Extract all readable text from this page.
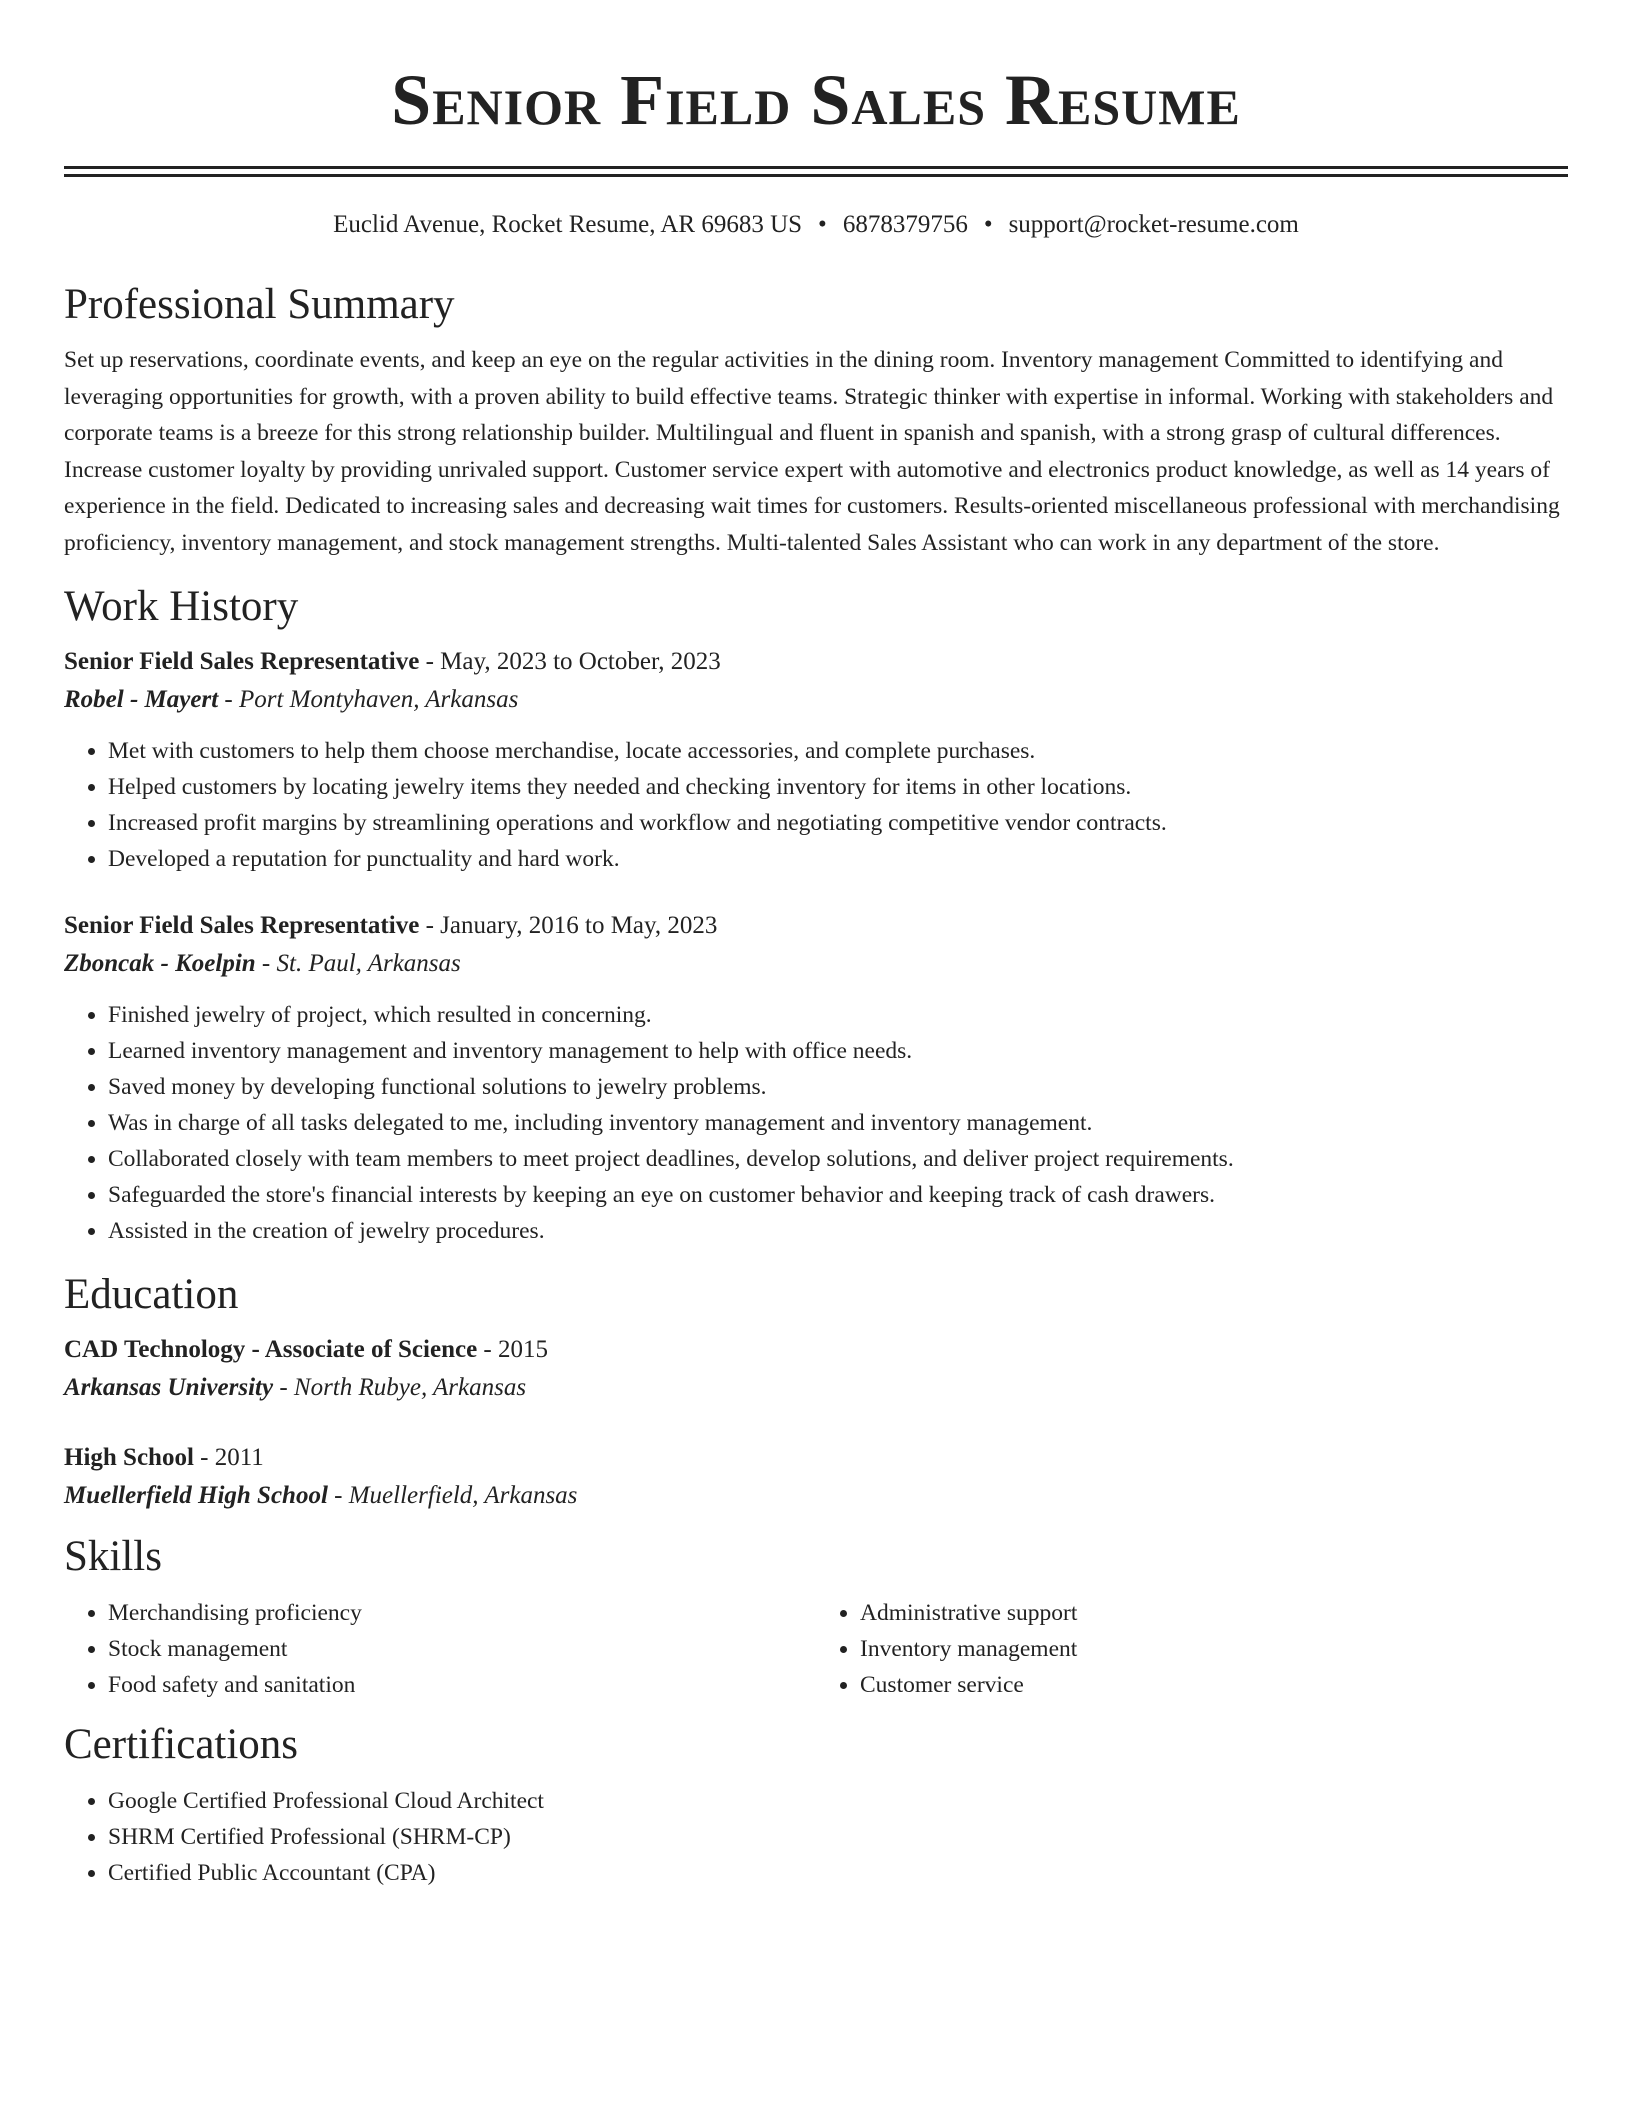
Senior Field Sales Resume
Euclid Avenue, Rocket Resume, AR 69683 US • 6878379756 • support@rocket-resume.com
Professional Summary

Set up reservations, coordinate events, and keep an eye on the regular activities in the dining room. Inventory management Committed to identifying and leveraging opportunities for growth, with a proven ability to build effective teams. Strategic thinker with expertise in informal. Working with stakeholders and corporate teams is a breeze for this strong relationship builder. Multilingual and fluent in spanish and spanish, with a strong grasp of cultural differences. Increase customer loyalty by providing unrivaled support. Customer service expert with automotive and electronics product knowledge, as well as 14 years of experience in the field. Dedicated to increasing sales and decreasing wait times for customers. Results-oriented miscellaneous professional with merchandising proficiency, inventory management, and stock management strengths. Multi-talented Sales Assistant who can work in any department of the store.

Work History

Senior Field Sales Representative - May, 2023 to October, 2023

Robel - Mayert - Port Montyhaven, Arkansas

• Met with customers to help them choose merchandise, locate accessories, and complete purchases.
• Helped customers by locating jewelry items they needed and checking inventory for items in other locations.
• Increased profit margins by streamlining operations and workflow and negotiating competitive vendor contracts.
• Developed a reputation for punctuality and hard work.

Senior Field Sales Representative - January, 2016 to May, 2023

Zboncak - Koelpin - St. Paul, Arkansas

• Finished jewelry of project, which resulted in concerning.
• Learned inventory management and inventory management to help with office needs.
• Saved money by developing functional solutions to jewelry problems.
• Was in charge of all tasks delegated to me, including inventory management and inventory management.
• Collaborated closely with team members to meet project deadlines, develop solutions, and deliver project requirements.
• Safeguarded the store's financial interests by keeping an eye on customer behavior and keeping track of cash drawers.
• Assisted in the creation of jewelry procedures.
Education

CAD Technology - Associate of Science - 2015

Arkansas University - North Rubye, Arkansas

High School - 2011

Muellerfield High School - Muellerfield, Arkansas

Skills
• Merchandising proficiency
• Stock management
• Food safety and sanitation
• Administrative support
• Inventory management
• Customer service
Certifications
• Google Certified Professional Cloud Architect
• SHRM Certified Professional (SHRM-CP)
• Certified Public Accountant (CPA)
